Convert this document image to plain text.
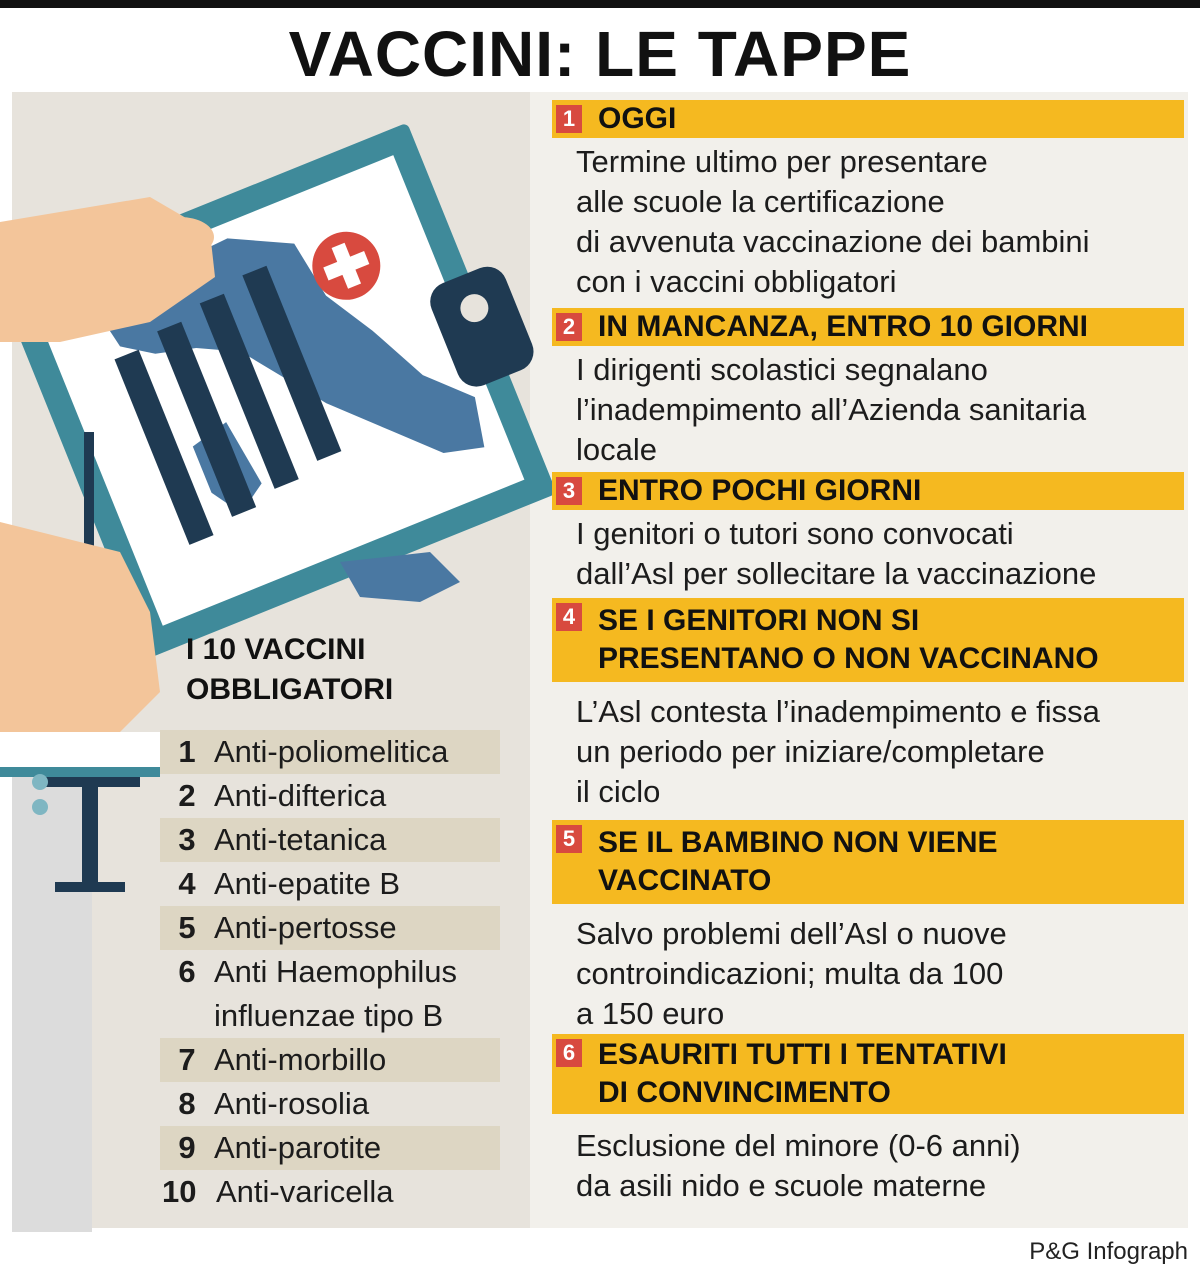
VACCINI: LE TAPPE
I 10 VACCINI
OBBLIGATORI
1 Anti-poliomelitica
2 Anti-difterica
3 Anti-tetanica
4 Anti-epatite B
5 Anti-pertosse
6 Anti Haemophilus
influenzae tipo B
7 Anti-morbillo
8 Anti-rosolia
9 Anti-parotite
10 Anti-varicella
1 OGGI
Termine ultimo per presentare
alle scuole la certificazione
di avvenuta vaccinazione dei bambini
con i vaccini obbligatori
2 IN MANCANZA, ENTRO 10 GIORNI
I dirigenti scolastici segnalano
l’inadempimento all’Azienda sanitaria
locale
3 ENTRO POCHI GIORNI
I genitori o tutori sono convocati
dall’Asl per sollecitare la vaccinazione
4 SE I GENITORI NON SI
PRESENTANO O NON VACCINANO
L’Asl contesta l’inadempimento e fissa
un periodo per iniziare/completare
il ciclo
5 SE IL BAMBINO NON VIENE
VACCINATO
Salvo problemi dell’Asl o nuove
controindicazioni; multa da 100
a 150 euro
6 ESAURITI TUTTI I TENTATIVI
DI CONVINCIMENTO
Esclusione del minore (0-6 anni)
da asili nido e scuole materne
P&G Infograph
